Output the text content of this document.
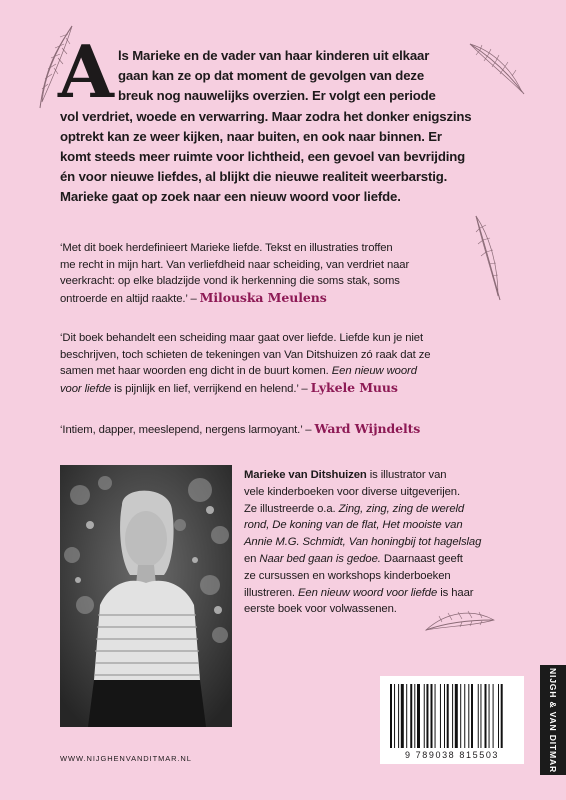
A ls Marieke en de vader van haar kinderen uit elkaar
gaan kan ze op dat moment de gevolgen van deze
breuk nog nauwelijks overzien. Er volgt een periode
vol verdriet, woede en verwarring. Maar zodra het donker enigszins
optrekt kan ze weer kijken, naar buiten, en ook naar binnen. Er
komt steeds meer ruimte voor lichtheid, een gevoel van bevrijding
én voor nieuwe liefdes, al blijkt die nieuwe realiteit weerbarstig.
Marieke gaat op zoek naar een nieuw woord voor liefde.
‘Met dit boek herdefinieert Marieke liefde. Tekst en illustraties troffen
me recht in mijn hart. Van verliefdheid naar scheiding, van verdriet naar
veerkracht: op elke bladzijde vond ik herkenning die soms stak, soms
ontroerde en altijd raakte.’ – Milouska Meulens
‘Dit boek behandelt een scheiding maar gaat over liefde. Liefde kun je niet
beschrijven, toch schieten de tekeningen van Van Ditshuizen zó raak dat ze
samen met haar woorden eng dicht in de buurt komen. Een nieuw woord
voor liefde is pijnlijk en lief, verrijkend en helend.’ – Lykele Muus
‘Intiem, dapper, meeslepend, nergens larmoyant.’ – Ward Wijndelts
Marieke van Ditshuizen is illustrator van
vele kinderboeken voor diverse uitgeverijen.
Ze illustreerde o.a. Zing, zing, zing de wereld
rond, De koning van de flat, Het mooiste van
Annie M.G. Schmidt, Van honingbij tot hagelslag
en Naar bed gaan is gedoe. Daarnaast geeft
ze cursussen en workshops kinderboeken
illustreren. Een nieuw woord voor liefde is haar
eerste boek voor volwassenen.
9 789038 815503	NIJGH & VAN DITMAR
WWW.NIJGHENVANDITMAR.NL
